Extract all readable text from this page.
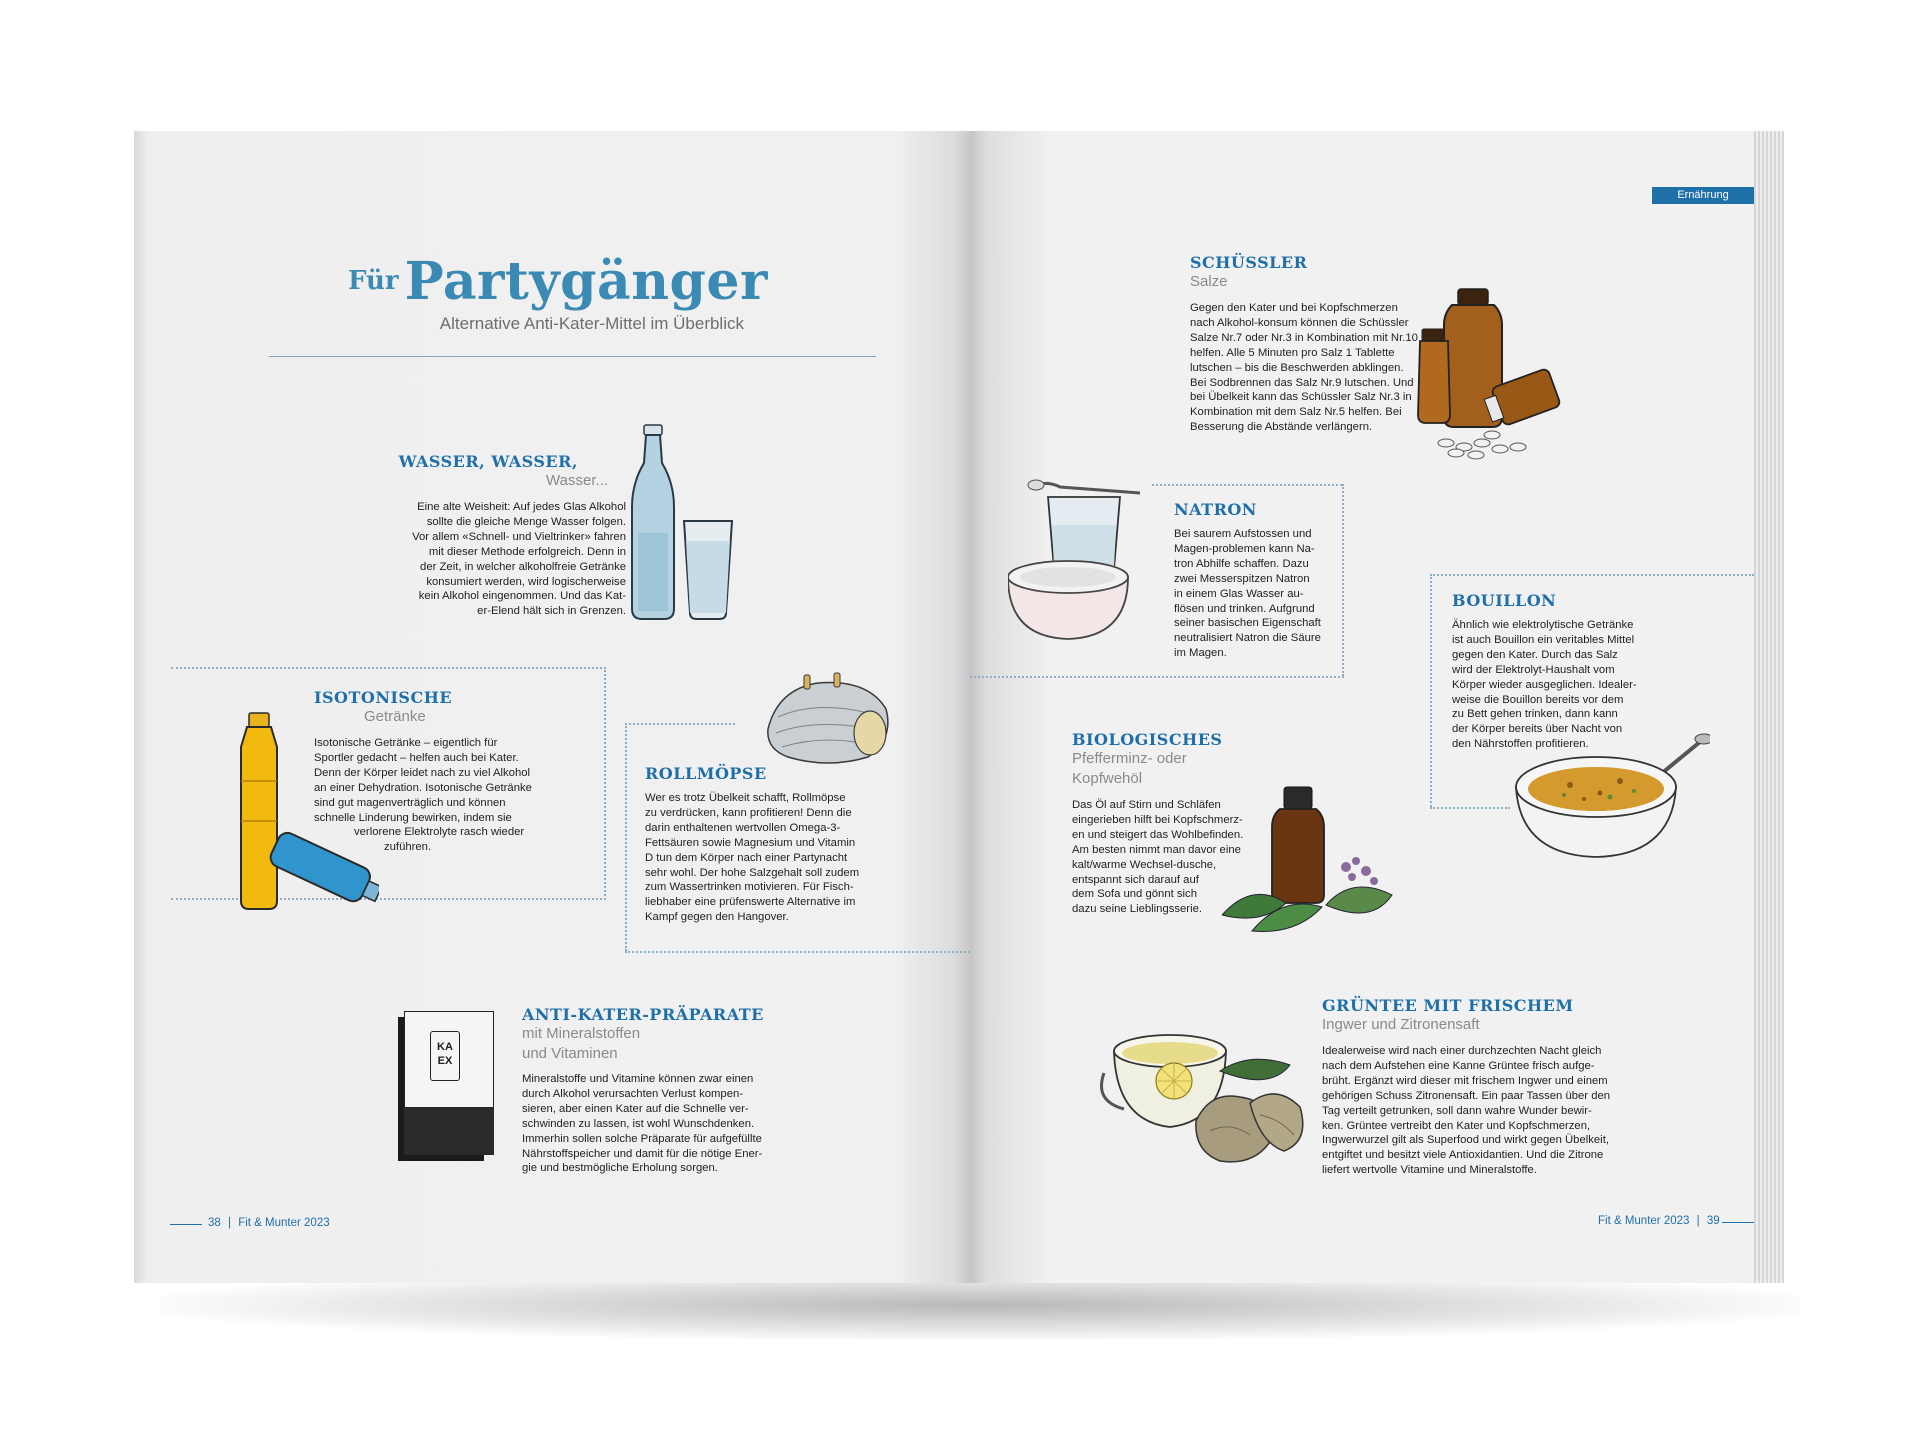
Für Partygänger
Alternative Anti-Kater-Mittel im Überblick
WASSER, WASSER,
Wasser...
Eine alte Weisheit: Auf jedes Glas Alkohol
sollte die gleiche Menge Wasser folgen.
Vor allem «Schnell- und Vieltrinker» fahren
mit dieser Methode erfolgreich. Denn in
der Zeit, in welcher alkoholfreie Getränke
konsumiert werden, wird logischerweise
kein Alkohol eingenommen. Und das Kat-
er-Elend hält sich in Grenzen.
ISOTONISCHE
Getränke
Isotonische Getränke – eigentlich für
Sportler gedacht – helfen auch bei Kater.
Denn der Körper leidet nach zu viel Alkohol
an einer Dehydration. Isotonische Getränke
sind gut magenverträglich und können
schnelle Linderung bewirken, indem sie
verlorene Elektrolyte rasch wieder
zuführen.
ROLLMÖPSE
Wer es trotz Übelkeit schafft, Rollmöpse
zu verdrücken, kann profitieren! Denn die
darin enthaltenen wertvollen Omega-3-
Fettsäuren sowie Magnesium und Vitamin
D tun dem Körper nach einer Partynacht
sehr wohl. Der hohe Salzgehalt soll zudem
zum Wassertrinken motivieren. Für Fisch-
liebhaber eine prüfenswerte Alternative im
Kampf gegen den Hangover.
KA
EX
ANTI-KATER-PRÄPARATE
mit Mineralstoffen
und Vitaminen
Mineralstoffe und Vitamine können zwar einen
durch Alkohol verursachten Verlust kompen-
sieren, aber einen Kater auf die Schnelle ver-
schwinden zu lassen, ist wohl Wunschdenken.
Immerhin sollen solche Präparate für aufgefüllte
Nährstoffspeicher und damit für die nötige Ener-
gie und bestmögliche Erholung sorgen.
38 | Fit & Munter 2023
Ernährung
SCHÜSSLER
Salze
Gegen den Kater und bei Kopfschmerzen
nach Alkohol-konsum können die Schüssler
Salze Nr.7 oder Nr.3 in Kombination mit Nr.10
helfen. Alle 5 Minuten pro Salz 1 Tablette
lutschen – bis die Beschwerden abklingen.
Bei Sodbrennen das Salz Nr.9 lutschen. Und
bei Übelkeit kann das Schüssler Salz Nr.3 in
Kombination mit dem Salz Nr.5 helfen. Bei
Besserung die Abstände verlängern.
NATRON
Bei saurem Aufstossen und
Magen-problemen kann Na-
tron Abhilfe schaffen. Dazu
zwei Messerspitzen Natron
in einem Glas Wasser au-
flösen und trinken. Aufgrund
seiner basischen Eigenschaft
neutralisiert Natron die Säure
im Magen.
BOUILLON
Ähnlich wie elektrolytische Getränke
ist auch Bouillon ein veritables Mittel
gegen den Kater. Durch das Salz
wird der Elektrolyt-Haushalt vom
Körper wieder ausgeglichen. Idealer-
weise die Bouillon bereits vor dem
zu Bett gehen trinken, dann kann
der Körper bereits über Nacht von
den Nährstoffen profitieren.
BIOLOGISCHES
Pfefferminz- oder
Kopfwehöl
Das Öl auf Stirn und Schläfen
eingerieben hilft bei Kopfschmerz-
en und steigert das Wohlbefinden.
Am besten nimmt man davor eine
kalt/warme Wechsel-dusche,
entspannt sich darauf auf
dem Sofa und gönnt sich
dazu seine Lieblingsserie.
GRÜNTEE MIT FRISCHEM
Ingwer und Zitronensaft
Idealerweise wird nach einer durchzechten Nacht gleich
nach dem Aufstehen eine Kanne Grüntee frisch aufge-
brüht. Ergänzt wird dieser mit frischem Ingwer und einem
gehörigen Schuss Zitronensaft. Ein paar Tassen über den
Tag verteilt getrunken, soll dann wahre Wunder bewir-
ken. Grüntee vertreibt den Kater und Kopfschmerzen,
Ingwerwurzel gilt als Superfood und wirkt gegen Übelkeit,
entgiftet und besitzt viele Antioxidantien. Und die Zitrone
liefert wertvolle Vitamine und Mineralstoffe.
Fit & Munter 2023 | 39
